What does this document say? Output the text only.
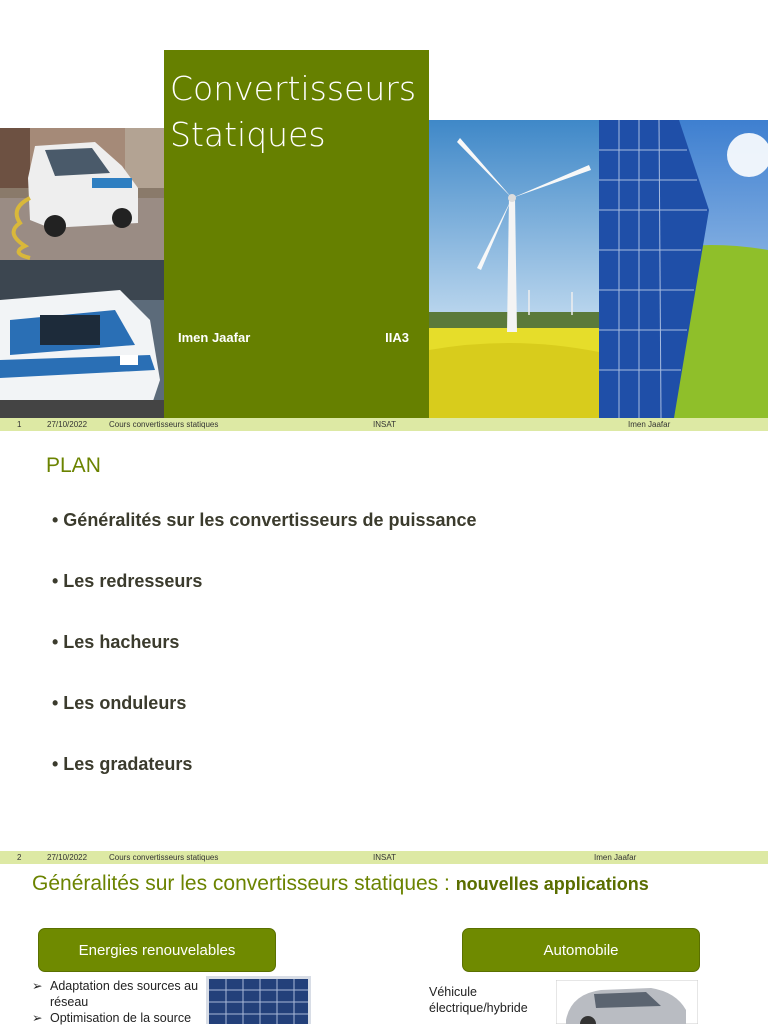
Convertisseurs
Statiques
Imen Jaafar	IIA3
1	27/10/2022	Cours convertisseurs statiques	INSAT	Imen Jaafar
PLAN
• Généralités sur les convertisseurs de puissance
• Les redresseurs
• Les hacheurs
• Les onduleurs
• Les gradateurs
2	27/10/2022	Cours convertisseurs statiques	INSAT	Imen Jaafar
Généralités sur les convertisseurs statiques : nouvelles applications
Energies renouvelables	Automobile
➢ Adaptation des sources au réseau
➢ Optimisation de la source
Véhicule
électrique/hybride
